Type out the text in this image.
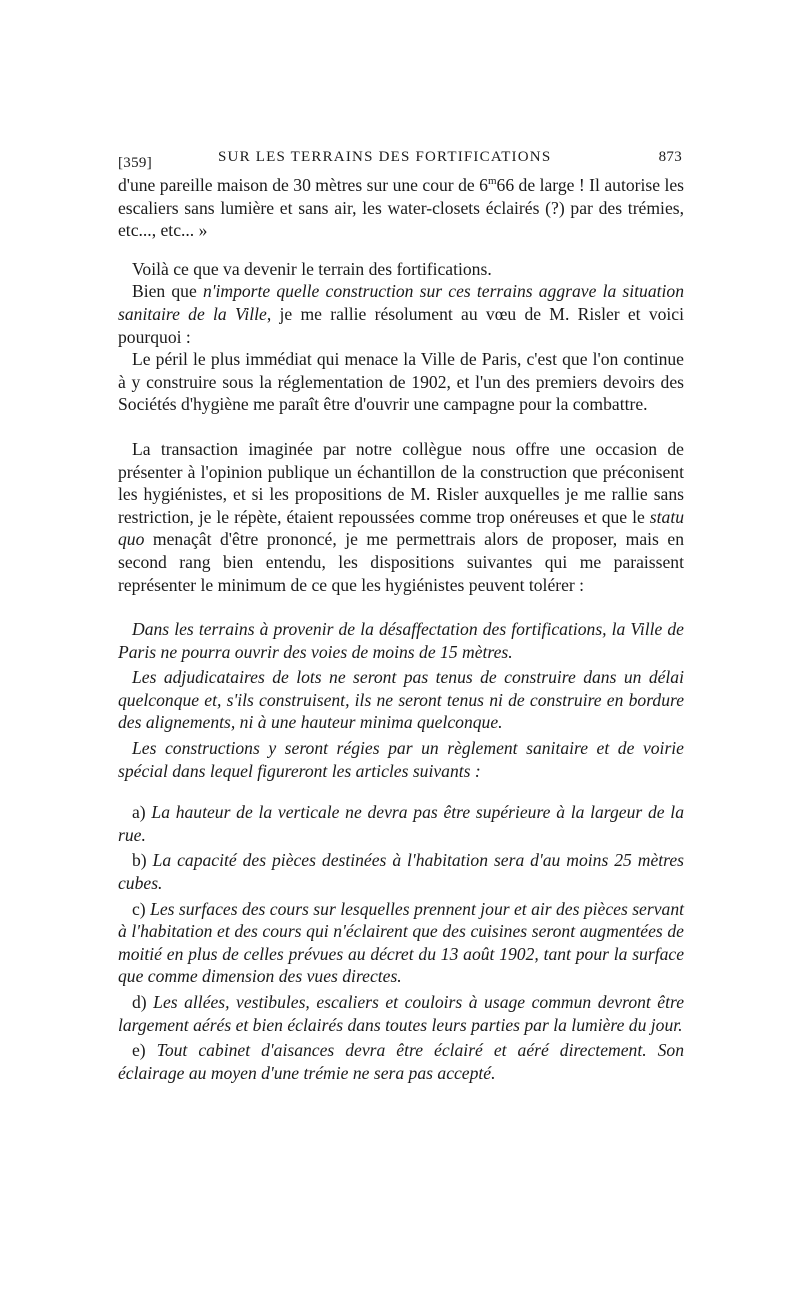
[359]	SUR LES TERRAINS DES FORTIFICATIONS	873

d'une pareille maison de 30 mètres sur une cour de 6$^m$66 de large ! Il autorise les escaliers sans lumière et sans air, les water-closets éclairés (?) par des trémies, etc..., etc... »

Voilà ce que va devenir le terrain des fortifications.

Bien que n'importe quelle construction sur ces terrains aggrave la situation sanitaire de la Ville, je me rallie résolument au vœu de M. Risler et voici pourquoi :

Le péril le plus immédiat qui menace la Ville de Paris, c'est que l'on continue à y construire sous la réglementation de 1902, et l'un des premiers devoirs des Sociétés d'hygiène me paraît être d'ouvrir une campagne pour la combattre.

La transaction imaginée par notre collègue nous offre une occasion de présenter à l'opinion publique un échantillon de la construction que préconisent les hygiénistes, et si les propositions de M. Risler auxquelles je me rallie sans restriction, je le répète, étaient repoussées comme trop onéreuses et que le statu quo menaçât d'être prononcé, je me permettrais alors de proposer, mais en second rang bien entendu, les dispositions suivantes qui me paraissent représenter le minimum de ce que les hygiénistes peuvent tolérer :

Dans les terrains à provenir de la désaffectation des fortifications, la Ville de Paris ne pourra ouvrir des voies de moins de 15 mètres.

Les adjudicataires de lots ne seront pas tenus de construire dans un délai quelconque et, s'ils construisent, ils ne seront tenus ni de construire en bordure des alignements, ni à une hauteur minima quelconque.

Les constructions y seront régies par un règlement sanitaire et de voirie spécial dans lequel figureront les articles suivants :

a) La hauteur de la verticale ne devra pas être supérieure à la largeur de la rue.

b) La capacité des pièces destinées à l'habitation sera d'au moins 25 mètres cubes.

c) Les surfaces des cours sur lesquelles prennent jour et air des pièces servant à l'habitation et des cours qui n'éclairent que des cuisines seront augmentées de moitié en plus de celles prévues au décret du 13 août 1902, tant pour la surface que comme dimension des vues directes.

d) Les allées, vestibules, escaliers et couloirs à usage commun devront être largement aérés et bien éclairés dans toutes leurs parties par la lumière du jour.

e) Tout cabinet d'aisances devra être éclairé et aéré directement. Son éclairage au moyen d'une trémie ne sera pas accepté.
